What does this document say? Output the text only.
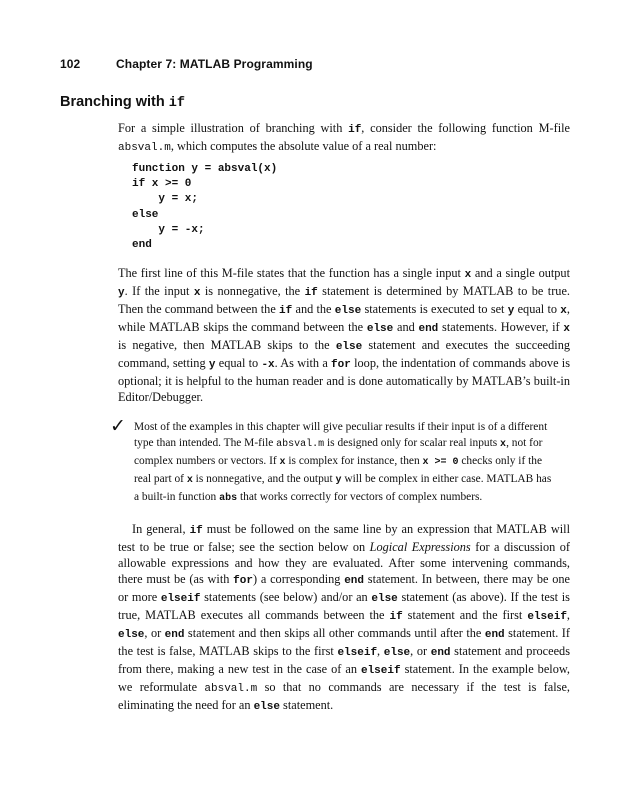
102	Chapter 7: MATLAB Programming
Branching with if
For a simple illustration of branching with if, consider the following function M-file absval.m, which computes the absolute value of a real number:
function y = absval(x)
if x >= 0
y = x;
else
y = -x;
end
The first line of this M-file states that the function has a single input x and a single output y. If the input x is nonnegative, the if statement is determined by MATLAB to be true. Then the command between the if and the else statements is executed to set y equal to x, while MATLAB skips the command between the else and end statements. However, if x is negative, then MATLAB skips to the else statement and executes the succeeding command, setting y equal to -x. As with a for loop, the indentation of commands above is optional; it is helpful to the human reader and is done automatically by MATLAB’s built-in Editor/Debugger.
✓ Most of the examples in this chapter will give peculiar results if their input is of a different type than intended. The M-file absval.m is designed only for scalar real inputs x, not for complex numbers or vectors. If x is complex for instance, then x >= 0 checks only if the real part of x is nonnegative, and the output y will be complex in either case. MATLAB has a built-in function abs that works correctly for vectors of complex numbers.
In general, if must be followed on the same line by an expression that MATLAB will test to be true or false; see the section below on Logical Expressions for a discussion of allowable expressions and how they are evaluated. After some intervening commands, there must be (as with for) a corresponding end statement. In between, there may be one or more elseif statements (see below) and/or an else statement (as above). If the test is true, MATLAB executes all commands between the if statement and the first elseif, else, or end statement and then skips all other commands until after the end statement. If the test is false, MATLAB skips to the first elseif, else, or end statement and proceeds from there, making a new test in the case of an elseif statement. In the example below, we reformulate absval.m so that no commands are necessary if the test is false, eliminating the need for an else statement.
